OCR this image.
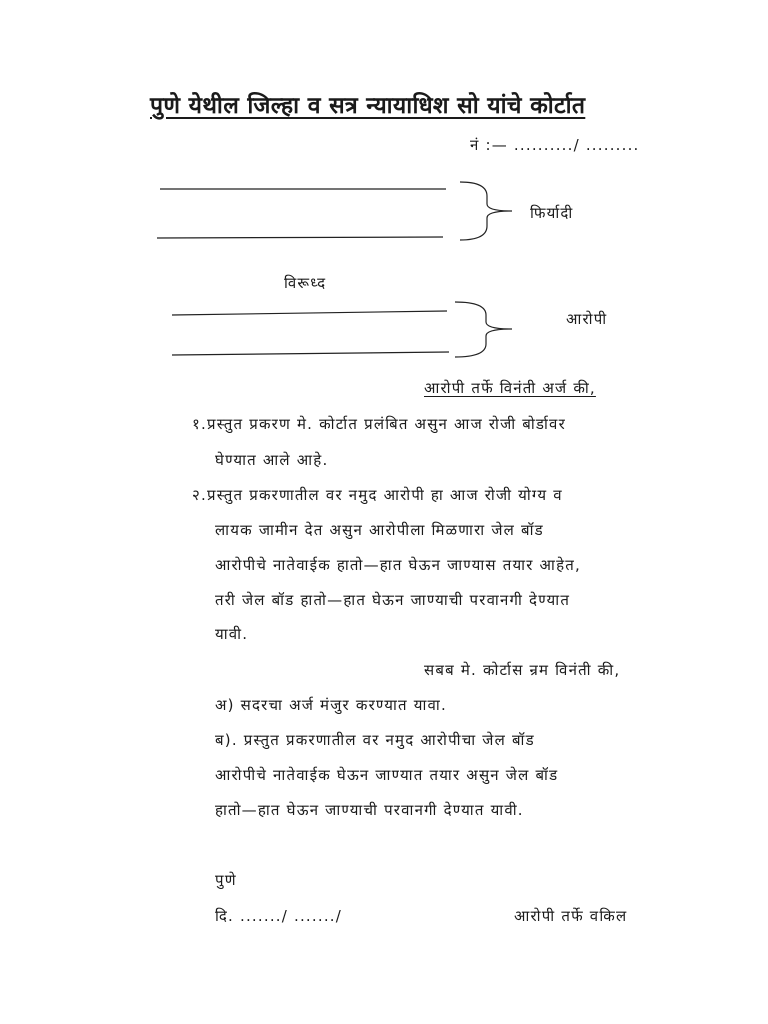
पुणे येथील जिल्हा व सत्र न्यायाधिश सो यांचे कोर्टात
नं :— ........../ .........
फिर्यादी
विरूध्द
आरोपी
आरोपी तर्फे विनंती अर्ज की,
१.प्रस्तुत प्रकरण मे. कोर्टात प्रलंबित असुन आज रोजी बोर्डावर
घेण्यात आले आहे.
२.प्रस्तुत प्रकरणातील वर नमुद आरोपी हा आज रोजी योग्य व
लायक जामीन देत असुन आरोपीला मिळणारा जेल बॉड
आरोपीचे नातेवाईक हातो—हात घेऊन जाण्यास तयार आहेत,
तरी जेल बॉड हातो—हात घेऊन जाण्याची परवानगी देण्यात
यावी.
सबब मे. कोर्टास न्रम विनंती की,
अ) सदरचा अर्ज मंजुर करण्यात यावा.
ब). प्रस्तुत प्रकरणातील वर नमुद आरोपीचा जेल बॉड
आरोपीचे नातेवाईक घेऊन जाण्यात तयार असुन जेल बॉड
हातो—हात घेऊन जाण्याची परवानगी देण्यात यावी.
पुणे
दि. ......./ ......./	आरोपी तर्फे वकिल
